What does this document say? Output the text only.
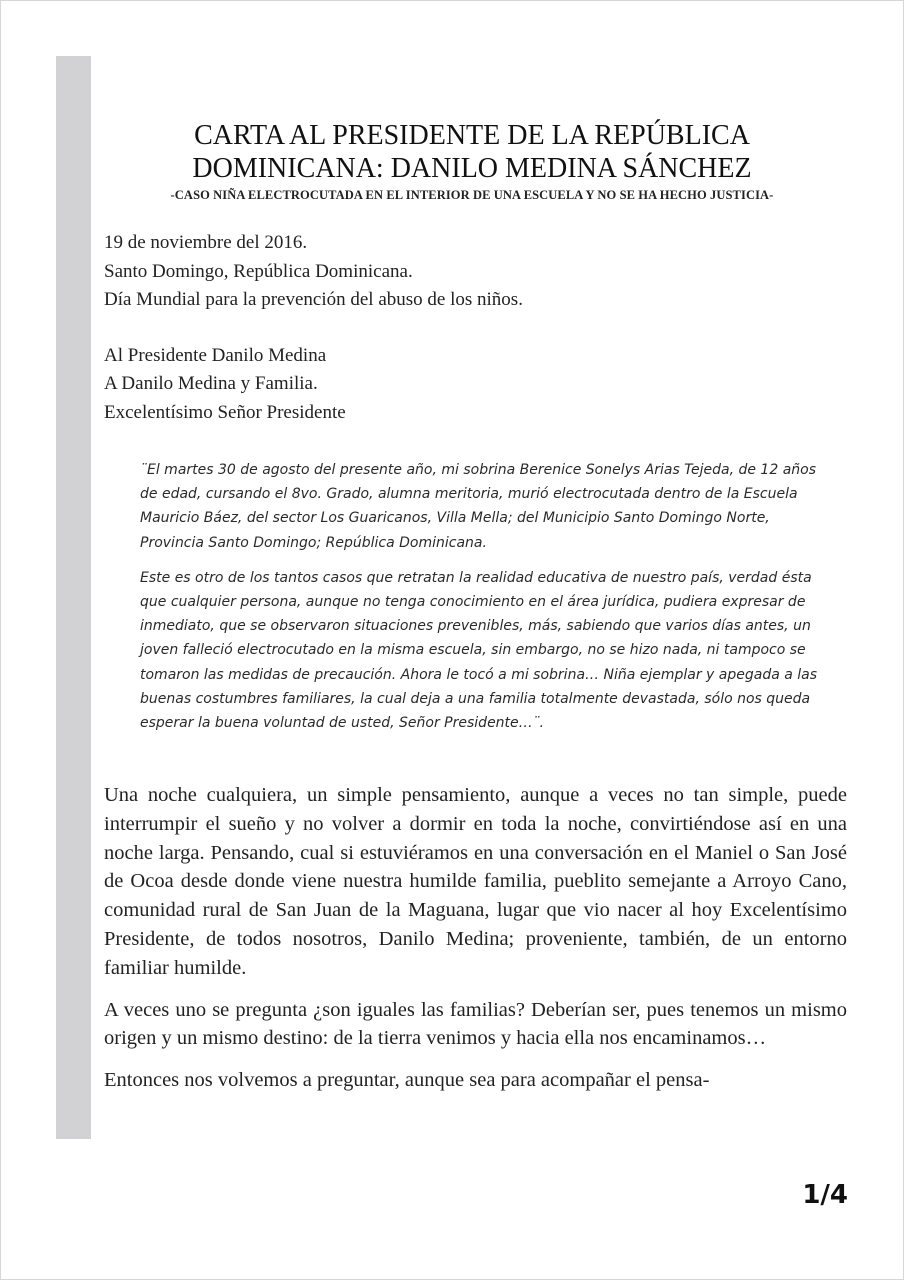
CARTA AL PRESIDENTE DE LA REPÚBLICA
DOMINICANA: DANILO MEDINA SÁNCHEZ
-CASO NIÑA ELECTROCUTADA EN EL INTERIOR DE UNA ESCUELA Y NO SE HA HECHO JUSTICIA-
19 de noviembre del 2016.
Santo Domingo, República Dominicana.
Día Mundial para la prevención del abuso de los niños.
Al Presidente Danilo Medina
A Danilo Medina y Familia.
Excelentísimo Señor Presidente

¨El martes 30 de agosto del presente año, mi sobrina Berenice Sonelys Arias Tejeda, de 12 años de edad, cursando el 8vo. Grado, alumna meritoria, murió electrocutada dentro de la Escuela Mauricio Báez, del sector Los Guaricanos, Villa Mella; del Municipio Santo Domingo Norte, Provincia Santo Domingo; República Dominicana.

Este es otro de los tantos casos que retratan la realidad educativa de nuestro país, verdad ésta que cualquier persona, aunque no tenga conocimiento en el área jurídica, pudiera expresar de inmediato, que se observaron situaciones prevenibles, más, sabiendo que varios días antes, un joven falleció electrocutado en la misma escuela, sin embargo, no se hizo nada, ni tampoco se tomaron las medidas de precaución. Ahora le tocó a mi sobrina… Niña ejemplar y apegada a las buenas costumbres familiares, la cual deja a una familia totalmente devastada, sólo nos queda esperar la buena voluntad de usted, Señor Presidente…¨.

Una noche cualquiera, un simple pensamiento, aunque a veces no tan simple, puede interrumpir el sueño y no volver a dormir en toda la noche, convirtiéndose así en una noche larga. Pensando, cual si estuviéramos en una conversación en el Maniel o San José de Ocoa desde donde viene nuestra humilde familia, pueblito semejante a Arroyo Cano, comunidad rural de San Juan de la Maguana, lugar que vio nacer al hoy Excelentísimo Presidente, de todos nosotros, Danilo Medina; proveniente, también, de un entorno familiar humilde.

A veces uno se pregunta ¿son iguales las familias? Deberían ser, pues tenemos un mismo origen y un mismo destino: de la tierra venimos y hacia ella nos encaminamos…

Entonces nos volvemos a preguntar, aunque sea para acompañar el pensa-

1/4
